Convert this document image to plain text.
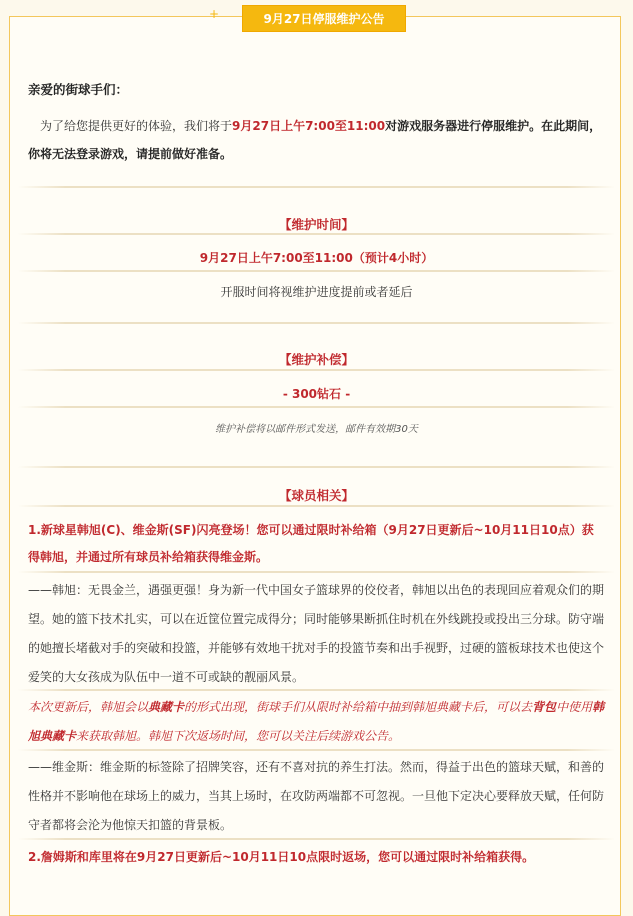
+	9月27日停服维护公告
亲爱的街球手们：
为了给您提供更好的体验，我们将于9月27日上午7:00至11:00对游戏服务器进行停服维护。在此期间，你将无法登录游戏，请提前做好准备。
【维护时间】
9月27日上午7:00至11:00（预计4小时）
开服时间将视维护进度提前或者延后
【维护补偿】
- 300钻石 -
维护补偿将以邮件形式发送，邮件有效期30天
【球员相关】
1.新球星韩旭(C)、维金斯(SF)闪亮登场！您可以通过限时补给箱（9月27日更新后~10月11日10点）获得韩旭，并通过所有球员补给箱获得维金斯。
——韩旭：无畏金兰，遇强更强！身为新一代中国女子篮球界的佼佼者，韩旭以出色的表现回应着观众们的期望。她的篮下技术扎实，可以在近筐位置完成得分；同时能够果断抓住时机在外线跳投或投出三分球。防守端的她擅长堵截对手的突破和投篮，并能够有效地干扰对手的投篮节奏和出手视野，过硬的篮板球技术也使这个爱笑的大女孩成为队伍中一道不可或缺的靓丽风景。
本次更新后，韩旭会以典藏卡的形式出现，街球手们从限时补给箱中抽到韩旭典藏卡后，可以去背包中使用韩旭典藏卡来获取韩旭。韩旭下次返场时间，您可以关注后续游戏公告。
——维金斯：维金斯的标签除了招牌笑容，还有不喜对抗的养生打法。然而，得益于出色的篮球天赋，和善的性格并不影响他在球场上的威力，当其上场时，在攻防两端都不可忽视。一旦他下定决心要释放天赋，任何防守者都将会沦为他惊天扣篮的背景板。
2.詹姆斯和库里将在9月27日更新后~10月11日10点限时返场，您可以通过限时补给箱获得。
